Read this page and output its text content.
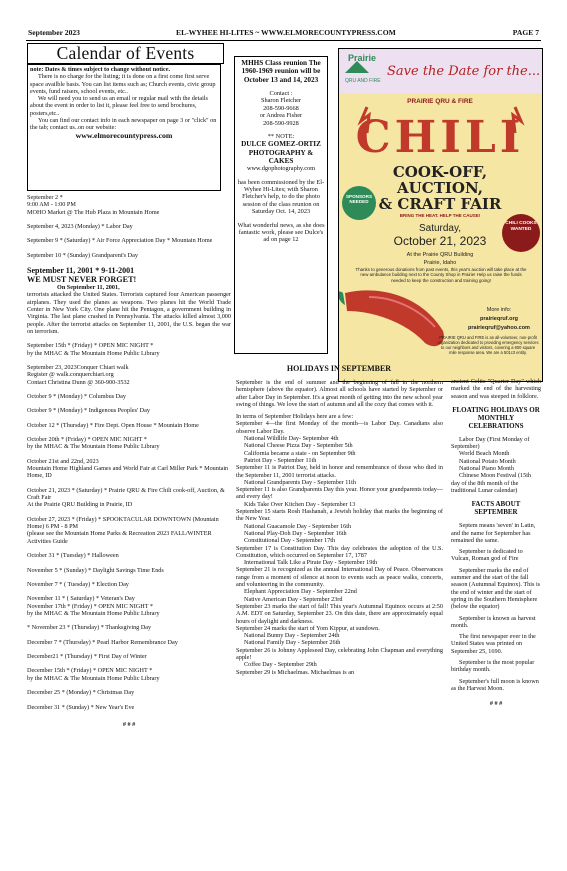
September 2023	EL-WYHEE HI-LITES ~ WWW.ELMORECOUNTYPRESS.COM	PAGE 7
Calendar of Events

note: Dates & times subject to change without notice.

There is no charge for the listing; it is done on a first come first serve space availble basis. You can list items such as; Church events, civic group events, fund raisers, school events, etc..

We will need you to send us an email or regular mail with the details about the event in order to list it, please feel free to send brochures, posters,etc..

You can find our contact info in each newspaper on page 3 or "click" on the tab; contact us..on our website:

www.elmorecountypress.com

September 2 *

9:00 AM - 1:00 PM

MOHO Market @ The Hub Plaza in Mountain Home

September 4, 2023 (Monday) * Labor Day

September 9 * (Saturday) * Air Force Appreciation Day * Mountain Home

September 10 * (Sunday) Grandparent's Day

September 11, 2001 * 9-11-2001

WE MUST NEVER FORGET!

On September 11, 2001,

terrorists attacked the United States. Terrorists captured four American passenger airplanes. They used the planes as weapons. Two planes hit the World Trade Center in New York City. One plane hit the Pentagon, a government building in Virginia. The last plane crashed in Pennsylvania. The attacks killed almost 3,000 people. After the terrorist attacks on September 11, 2001, the U.S. began the war on terrorism.

September 15th * (Friday) * OPEN MIC NIGHT *

by the MHAC & The Mountain Home Public Library

September 23, 2023Conquer Chiari walk

Register @ walk.conquerchiari.org

Contact Christina Dunn @ 360-900-3532

October 9 * (Monday) * Columbus Day

October 9 * (Monday) * Indigenous Peoples' Day

October 12 * (Thursday) * Fire Dept. Open House * Mountain Home

October 20th * (Friday) * OPEN MIC NIGHT *

by the MHAC & The Mountain Home Public Library

October 21st and 22nd, 2023

Mountain Home Highland Games and World Fair at Carl Miller Park * Mountain Home, ID

October 21, 2023 * (Saturday) * Prairie QRU & Fire Chili cook-off, Auction, & Craft Fair

At the Prairie QRU Building in Prairie, ID

October 27, 2023 * (Friday) * SPOOKTACULAR DOWNTOWN (Mountain Home) 6 PM - 8 PM

(please see the Mountain Home Parks & Recreation 2023 FALL/WINTER Activities Guide

October 31 * (Tuesday) * Halloween

November 5 * (Sunday) * Daylight Savings Time Ends

November 7 * ( Tuesday) * Election Day

November 11 * ( Saturday) * Veteran's Day

November 17th * (Friday) * OPEN MIC NIGHT *

by the MHAC & The Mountain Home Public Library

* November 23 * (Thursday) * Thanksgiving Day

December 7 * (Thursday) * Pearl Harbor Remembrance Day

December21 * (Thursday) * First Day of Winter

December 15th * (Friday) * OPEN MIC NIGHT *

by the MHAC & The Mountain Home Public Library

December 25 * (Monday) * Christmas Day

December 31 * (Sunday) * New Year's Eve

# # #

MHHS Class reunion The 1960-1969 reunion will be October 13 and 14, 2023

Contact :

Sharon Fletcher

208-590-9668

or Andrea Fisher

208-590-9928

** NOTE:

DULCE GOMEZ-ORTIZ PHOTOGRAPHY & CAKES

www.dgophotography.com

has been commissioned by the El-Wyhee Hi-Lites; with Sharon Fletcher's help, to do the photo session of the class reunion on Saturday Oct. 14, 2023

What wonderful news, as she does fantastic work, please see Dulce's ad on page 12

Prairie
QRU AND FIRE
Save the Date for the...
PRAIRIE QRU & FIRE
CHILI
COOK-OFF,
AUCTION,
& CRAFT FAIR
BRING THE HEAT. HELP THE CAUSE!
SPONSORS NEEDED
CHILI COOKS WANTED
Saturday,
October 21, 2023
At the Prairie QRU Building
Prairie, Idaho
Thanks to generous donations from past events, this year's auction will take place at the new ambulance building next to the County Shop in Prairie! Help us raise the funds needed to keep the construction and training going!
More info:
prairieqruf.org
prairieqruf@yahoo.com
PRAIRIE QRU and FIRE is an all-volunteer, non-profit organization dedicated to providing emergency services to our neighbors and visitors, covering a 600 square mile response area. We are a 501c3 entity.
HOLIDAYS IN SEPTEMBER

September is the end of summer and the beginning of fall in the northern hemisphere (above the equator). Almost all schools have started by September or after Labor Day in September. It's a great month of getting into the new school year swing of things. We love the start of autumn and all the cozy that comes with it.

In terms of September Holidays here are a few:

September 4—the first Monday of the month—is Labor Day. Canadians also observe Labor Day.

National Wildlife Day- September 4th

National Cheese Pizza Day - September 5th

California became a state - on September 9th

Patriot Day - September 11th

September 11 is Patriot Day, held in honor and remembrance of those who died in the September 11, 2001 terrorist attacks.

National Grandparents Day - September 11th

September 11 is also Grandparents Day this year. Honor your grandparents today—and every day!

Kids Take Over Kitchen Day - September 13

September 15 starts Rosh Hashanah, a Jewish holiday that marks the beginning of the New Year.

National Guacamole Day - September 16th

National Play-Doh Day - September 16th

Constitutional Day - September 17th

September 17 is Constitution Day. This day celebrates the adoption of the U.S. Constitution, which occurred on September 17, 1787

International Talk Like a Pirate Day - September 19th

September 21 is recognized as the annual International Day of Peace. Observances range from a moment of silence at noon to events such as peace walks, concerts, and volunteering in the community.

Elephant Appreciation Day - September 22nd

Native American Day - September 23rd

September 23 marks the start of fall! This year's Autumnal Equinox occurs at 2:50 A.M. EDT on Saturday, September 23. On this date, there are approximately equal hours of daylight and darkness.

September 24 marks the start of Yom Kippur, at sundown.

National Bunny Day - September 24th

National Family Day - September 26th

September 26 is Johnny Appleseed Day, celebrating John Chapman and everything apple!

Coffee Day - September 29th

September 29 is Michaelmas. Michaelmas is an

ancient Celtic "Quarter Day" which marked the end of the harvesting season and was steeped in folklore.

FLOATING HOLIDAYS OR MONTHLY CELEBRATIONS

Labor Day (First Monday of September)

World Beach Month

National Potato Month

National Piano Month

Chinese Moon Festival (15th day of the 8th month of the traditional Lunar calendar)

FACTS ABOUT SEPTEMBER

Septem means 'seven' in Latin, and the name for September has remained the same.

September is dedicated to Vulcan, Roman god of Fire

September marks the end of summer and the start of the fall season (Autumnal Equinox). This is the end of winter and the start of spring in the Southern Hemisphere (below the equator)

September is known as harvest month.

The first newspaper ever in the United States was printed on September 25, 1690.

September is the most popular birthday month.

September's full moon is known as the Harvest Moon.

# # #
